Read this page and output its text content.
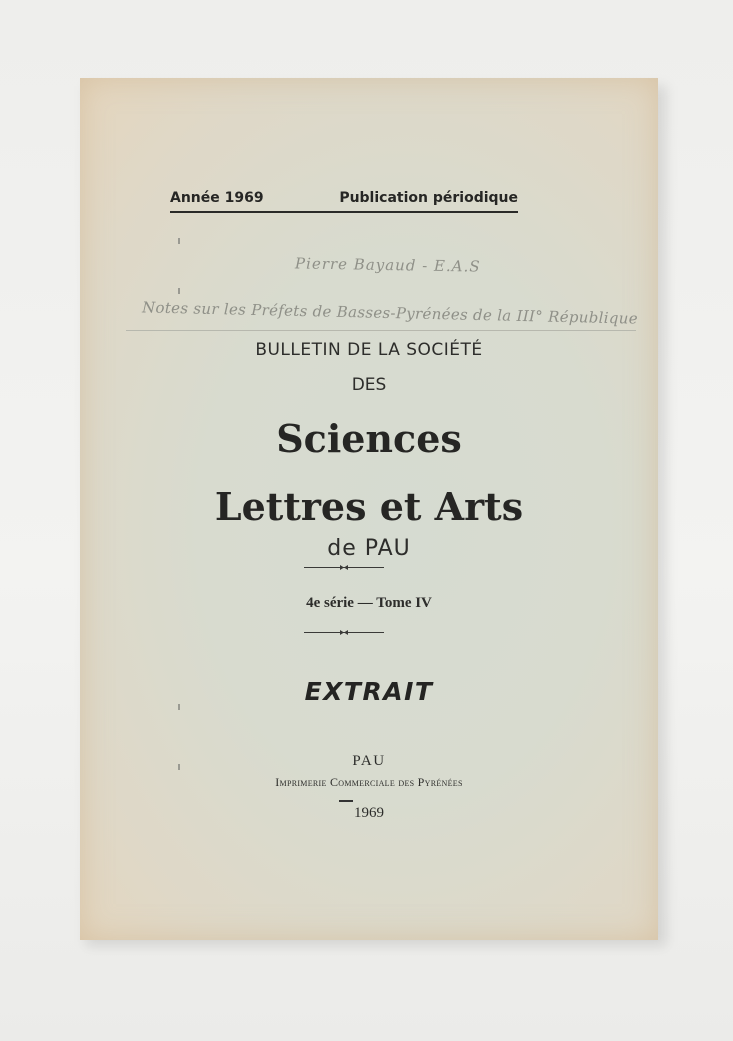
Année 1969	Publication périodique
Pierre Bayaud - E.A.S
Notes sur les Préfets de Basses-Pyrénées de la III° République
BULLETIN DE LA SOCIÉTÉ
DES
Sciences
Lettres et Arts
de PAU
4e série — Tome IV
EXTRAIT
PAU
Imprimerie Commerciale des Pyrénées
1969
